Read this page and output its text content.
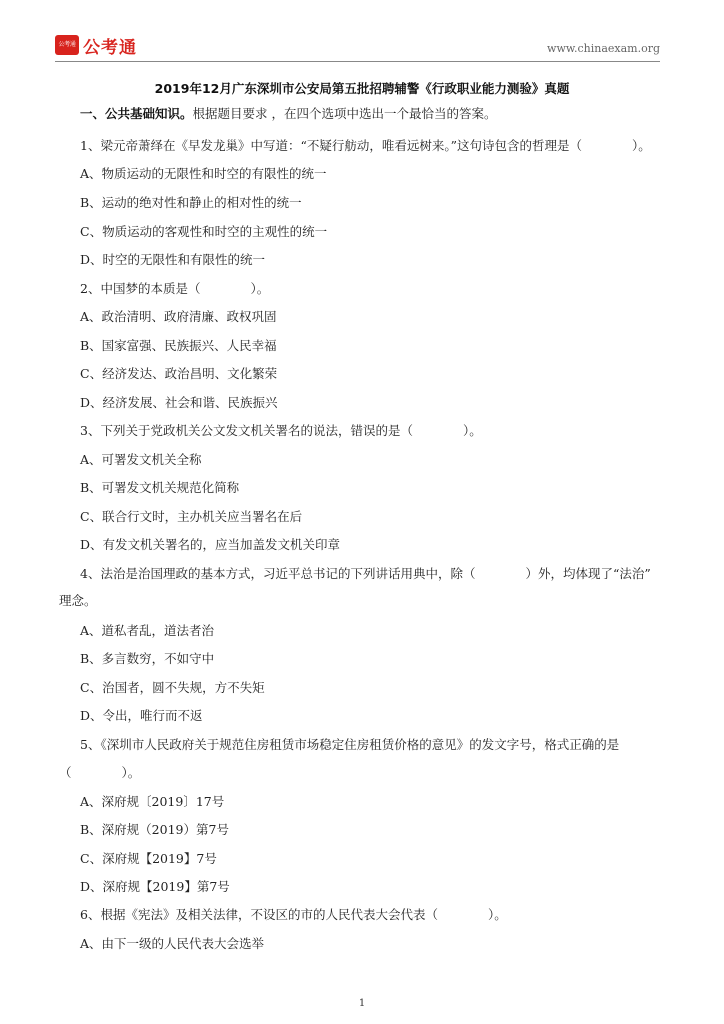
公考通 公考通	www.chinaexam.org
2019年12月广东深圳市公安局第五批招聘辅警《行政职业能力测验》真题
一、公共基础知识。根据题目要求 ，在四个选项中选出一个最恰当的答案。
1、梁元帝萧绎在《早发龙巢》中写道：“不疑行舫动，唯看远树来。”这句诗包含的哲理是（　　　　）。
A、物质运动的无限性和时空的有限性的统一
B、运动的绝对性和静止的相对性的统一
C、物质运动的客观性和时空的主观性的统一
D、时空的无限性和有限性的统一
2、中国梦的本质是（　　　　）。
A、政治清明、政府清廉、政权巩固
B、国家富强、民族振兴、人民幸福
C、经济发达、政治昌明、文化繁荣
D、经济发展、社会和谐、民族振兴
3、下列关于党政机关公文发文机关署名的说法，错误的是（　　　　）。
A、可署发文机关全称
B、可署发文机关规范化简称
C、联合行文时，主办机关应当署名在后
D、有发文机关署名的，应当加盖发文机关印章
4、法治是治国理政的基本方式，习近平总书记的下列讲话用典中，除（　　　　）外，均体现了“法治”
理念。
A、道私者乱，道法者治
B、多言数穷，不如守中
C、治国者，圆不失规，方不失矩
D、令出，唯行而不返
5、《深圳市人民政府关于规范住房租赁市场稳定住房租赁价格的意见》的发文字号，格式正确的是
（　　　　）。
A、深府规〔2019〕17号
B、深府规（2019）第7号
C、深府规【2019】7号
D、深府规【2019】第7号
6、根据《宪法》及相关法律，不设区的市的人民代表大会代表（　　　　）。
A、由下一级的人民代表大会选举
1
